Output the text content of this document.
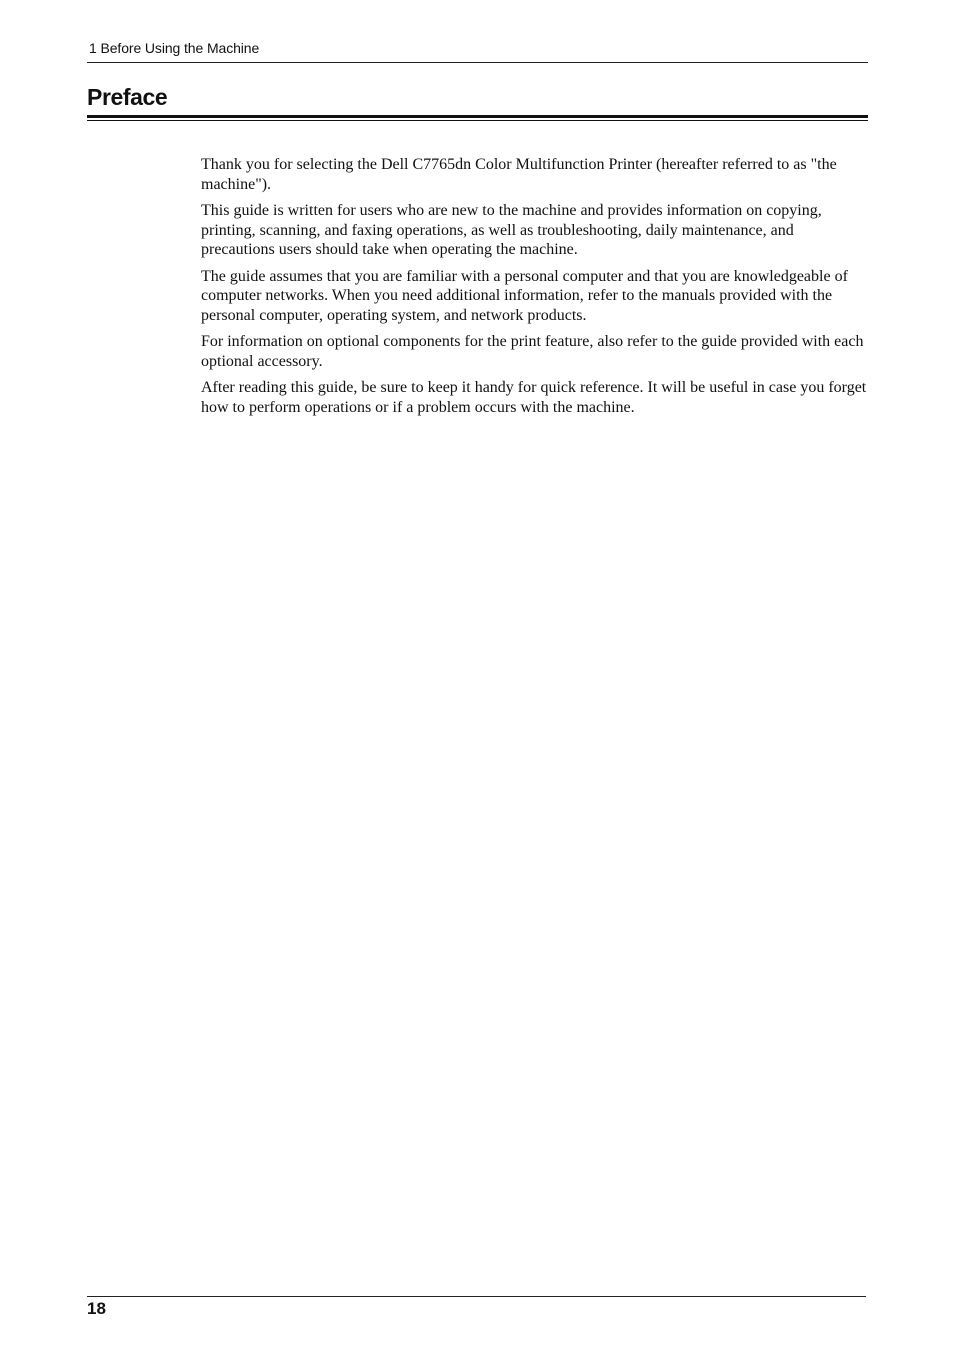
1 Before Using the Machine
Preface

Thank you for selecting the Dell C7765dn Color Multifunction Printer (hereafter referred to as "the machine").

This guide is written for users who are new to the machine and provides information on copying, printing, scanning, and faxing operations, as well as troubleshooting, daily maintenance, and precautions users should take when operating the machine.

The guide assumes that you are familiar with a personal computer and that you are knowledgeable of computer networks. When you need additional information, refer to the manuals provided with the personal computer, operating system, and network products.

For information on optional components for the print feature, also refer to the guide provided with each optional accessory.

After reading this guide, be sure to keep it handy for quick reference. It will be useful in case you forget how to perform operations or if a problem occurs with the machine.

18
